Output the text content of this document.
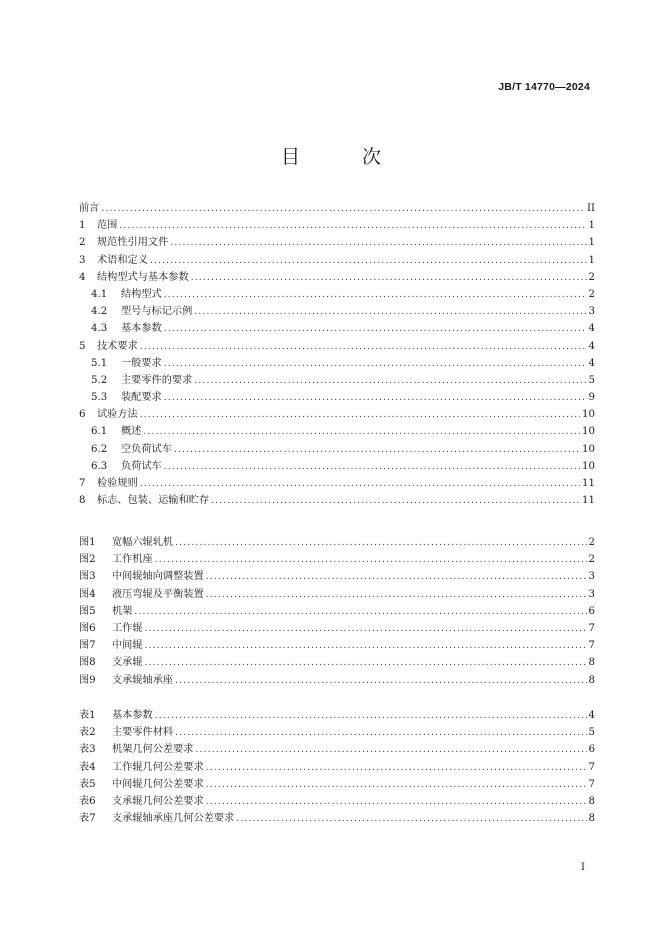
JB/T 14770—2024
目 次
前言 .....	II
1	范围 .....	1
2	规范性引用文件 .....	1
3	术语和定义 .....	1
4	结构型式与基本参数 .....	2
4.1	结构型式 .....	2
4.2	型号与标记示例 .....	3
4.3	基本参数 .....	4
5	技术要求 .....	4
5.1	一般要求 .....	4
5.2	主要零件的要求 .....	5
5.3	装配要求 .....	9
6	试验方法 .....	10
6.1	概述 .....	10
6.2	空负荷试车 .....	10
6.3	负荷试车 .....	10
7	检验规则 .....	11
8	标志、包装、运输和贮存 .....	11
图1	宽幅六辊轧机 .....	2
图2	工作机座 .....	2
图3	中间辊轴向调整装置 .....	3
图4	液压弯辊及平衡装置 .....	3
图5	机架 .....	6
图6	工作辊 .....	7
图7	中间辊 .....	7
图8	支承辊 .....	8
图9	支承辊轴承座 .....	8
表1	基本参数 .....	4
表2	主要零件材料 .....	5
表3	机架几何公差要求 .....	6
表4	工作辊几何公差要求 .....	7
表5	中间辊几何公差要求 .....	7
表6	支承辊几何公差要求 .....	8
表7	支承辊轴承座几何公差要求 .....	8
I
